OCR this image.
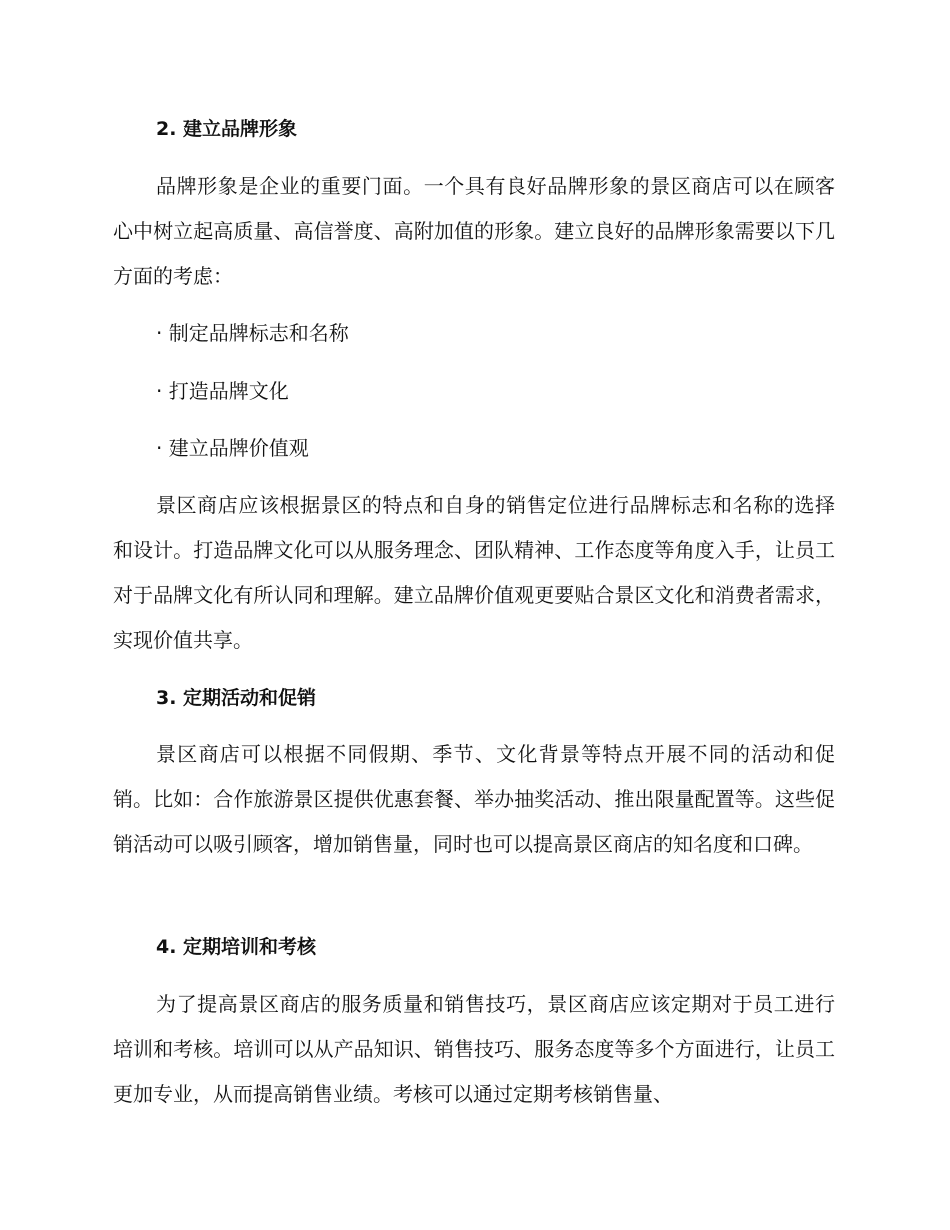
2. 建立品牌形象

品牌形象是企业的重要门面。一个具有良好品牌形象的景区商店可以在顾客心中树立起高质量、高信誉度、高附加值的形象。建立良好的品牌形象需要以下几方面的考虑：

· 制定品牌标志和名称
· 打造品牌文化
· 建立品牌价值观

景区商店应该根据景区的特点和自身的销售定位进行品牌标志和名称的选择和设计。打造品牌文化可以从服务理念、团队精神、工作态度等角度入手，让员工对于品牌文化有所认同和理解。建立品牌价值观更要贴合景区文化和消费者需求，实现价值共享。

3. 定期活动和促销

景区商店可以根据不同假期、季节、文化背景等特点开展不同的活动和促销。比如：合作旅游景区提供优惠套餐、举办抽奖活动、推出限量配置等。这些促销活动可以吸引顾客，增加销售量，同时也可以提高景区商店的知名度和口碑。

4. 定期培训和考核

为了提高景区商店的服务质量和销售技巧，景区商店应该定期对于员工进行培训和考核。培训可以从产品知识、销售技巧、服务态度等多个方面进行，让员工更加专业，从而提高销售业绩。考核可以通过定期考核销售量、
